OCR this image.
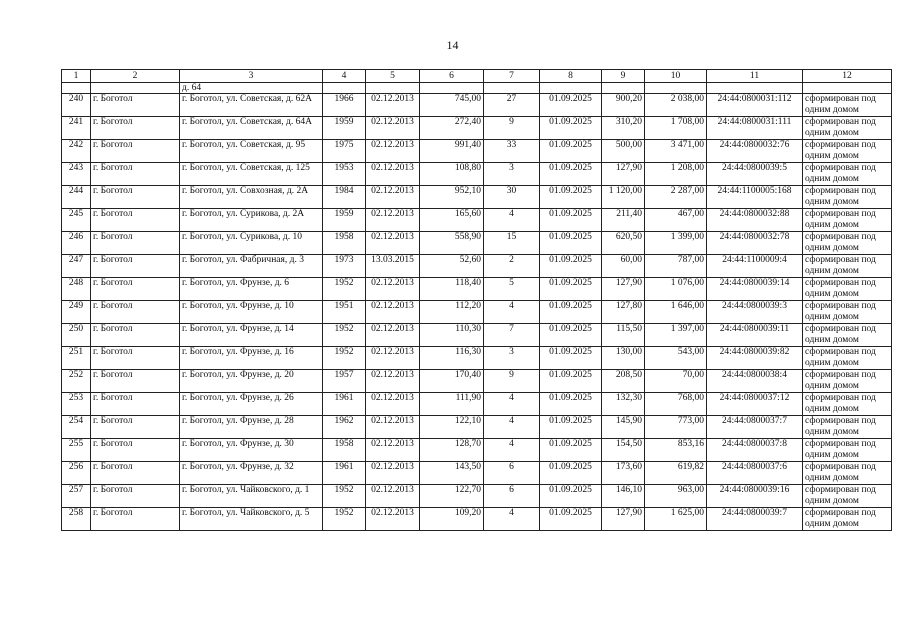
14
1	2	3	4	5	6	7	8	9	10	11	12
		д. 64									
240	г. Боготол	г. Боготол, ул. Советская, д. 62А	1966	02.12.2013	745,00	27	01.09.2025	900,20	2 038,00	24:44:0800031:112	сформирован под одним домом
241	г. Боготол	г. Боготол, ул. Советская, д. 64А	1959	02.12.2013	272,40	9	01.09.2025	310,20	1 708,00	24:44:0800031:111	сформирован под одним домом
242	г. Боготол	г. Боготол, ул. Советская, д. 95	1975	02.12.2013	991,40	33	01.09.2025	500,00	3 471,00	24:44:0800032:76	сформирован под одним домом
243	г. Боготол	г. Боготол, ул. Советская, д. 125	1953	02.12.2013	108,80	3	01.09.2025	127,90	1 208,00	24:44:0800039:5	сформирован под одним домом
244	г. Боготол	г. Боготол, ул. Совхозная, д. 2А	1984	02.12.2013	952,10	30	01.09.2025	1 120,00	2 287,00	24:44:1100005:168	сформирован под одним домом
245	г. Боготол	г. Боготол, ул. Сурикова, д. 2А	1959	02.12.2013	165,60	4	01.09.2025	211,40	467,00	24:44:0800032:88	сформирован под одним домом
246	г. Боготол	г. Боготол, ул. Сурикова, д. 10	1958	02.12.2013	558,90	15	01.09.2025	620,50	1 399,00	24:44:0800032:78	сформирован под одним домом
247	г. Боготол	г. Боготол, ул. Фабричная, д. 3	1973	13.03.2015	52,60	2	01.09.2025	60,00	787,00	24:44:1100009:4	сформирован под одним домом
248	г. Боготол	г. Боготол, ул. Фрунзе, д. 6	1952	02.12.2013	118,40	5	01.09.2025	127,90	1 076,00	24:44:0800039:14	сформирован под одним домом
249	г. Боготол	г. Боготол, ул. Фрунзе, д. 10	1951	02.12.2013	112,20	4	01.09.2025	127,80	1 646,00	24:44:0800039:3	сформирован под одним домом
250	г. Боготол	г. Боготол, ул. Фрунзе, д. 14	1952	02.12.2013	110,30	7	01.09.2025	115,50	1 397,00	24:44:0800039:11	сформирован под одним домом
251	г. Боготол	г. Боготол, ул. Фрунзе, д. 16	1952	02.12.2013	116,30	3	01.09.2025	130,00	543,00	24:44:0800039:82	сформирован под одним домом
252	г. Боготол	г. Боготол, ул. Фрунзе, д. 20	1957	02.12.2013	170,40	9	01.09.2025	208,50	70,00	24:44:0800038:4	сформирован под одним домом
253	г. Боготол	г. Боготол, ул. Фрунзе, д. 26	1961	02.12.2013	111,90	4	01.09.2025	132,30	768,00	24:44:0800037:12	сформирован под одним домом
254	г. Боготол	г. Боготол, ул. Фрунзе, д. 28	1962	02.12.2013	122,10	4	01.09.2025	145,90	773,00	24:44:0800037:7	сформирован под одним домом
255	г. Боготол	г. Боготол, ул. Фрунзе, д. 30	1958	02.12.2013	128,70	4	01.09.2025	154,50	853,16	24:44:0800037:8	сформирован под одним домом
256	г. Боготол	г. Боготол, ул. Фрунзе, д. 32	1961	02.12.2013	143,50	6	01.09.2025	173,60	619,82	24:44:0800037:6	сформирован под одним домом
257	г. Боготол	г. Боготол, ул. Чайковского, д. 1	1952	02.12.2013	122,70	6	01.09.2025	146,10	963,00	24:44:0800039:16	сформирован под одним домом
258	г. Боготол	г. Боготол, ул. Чайковского, д. 5	1952	02.12.2013	109,20	4	01.09.2025	127,90	1 625,00	24:44:0800039:7	сформирован под одним домом
